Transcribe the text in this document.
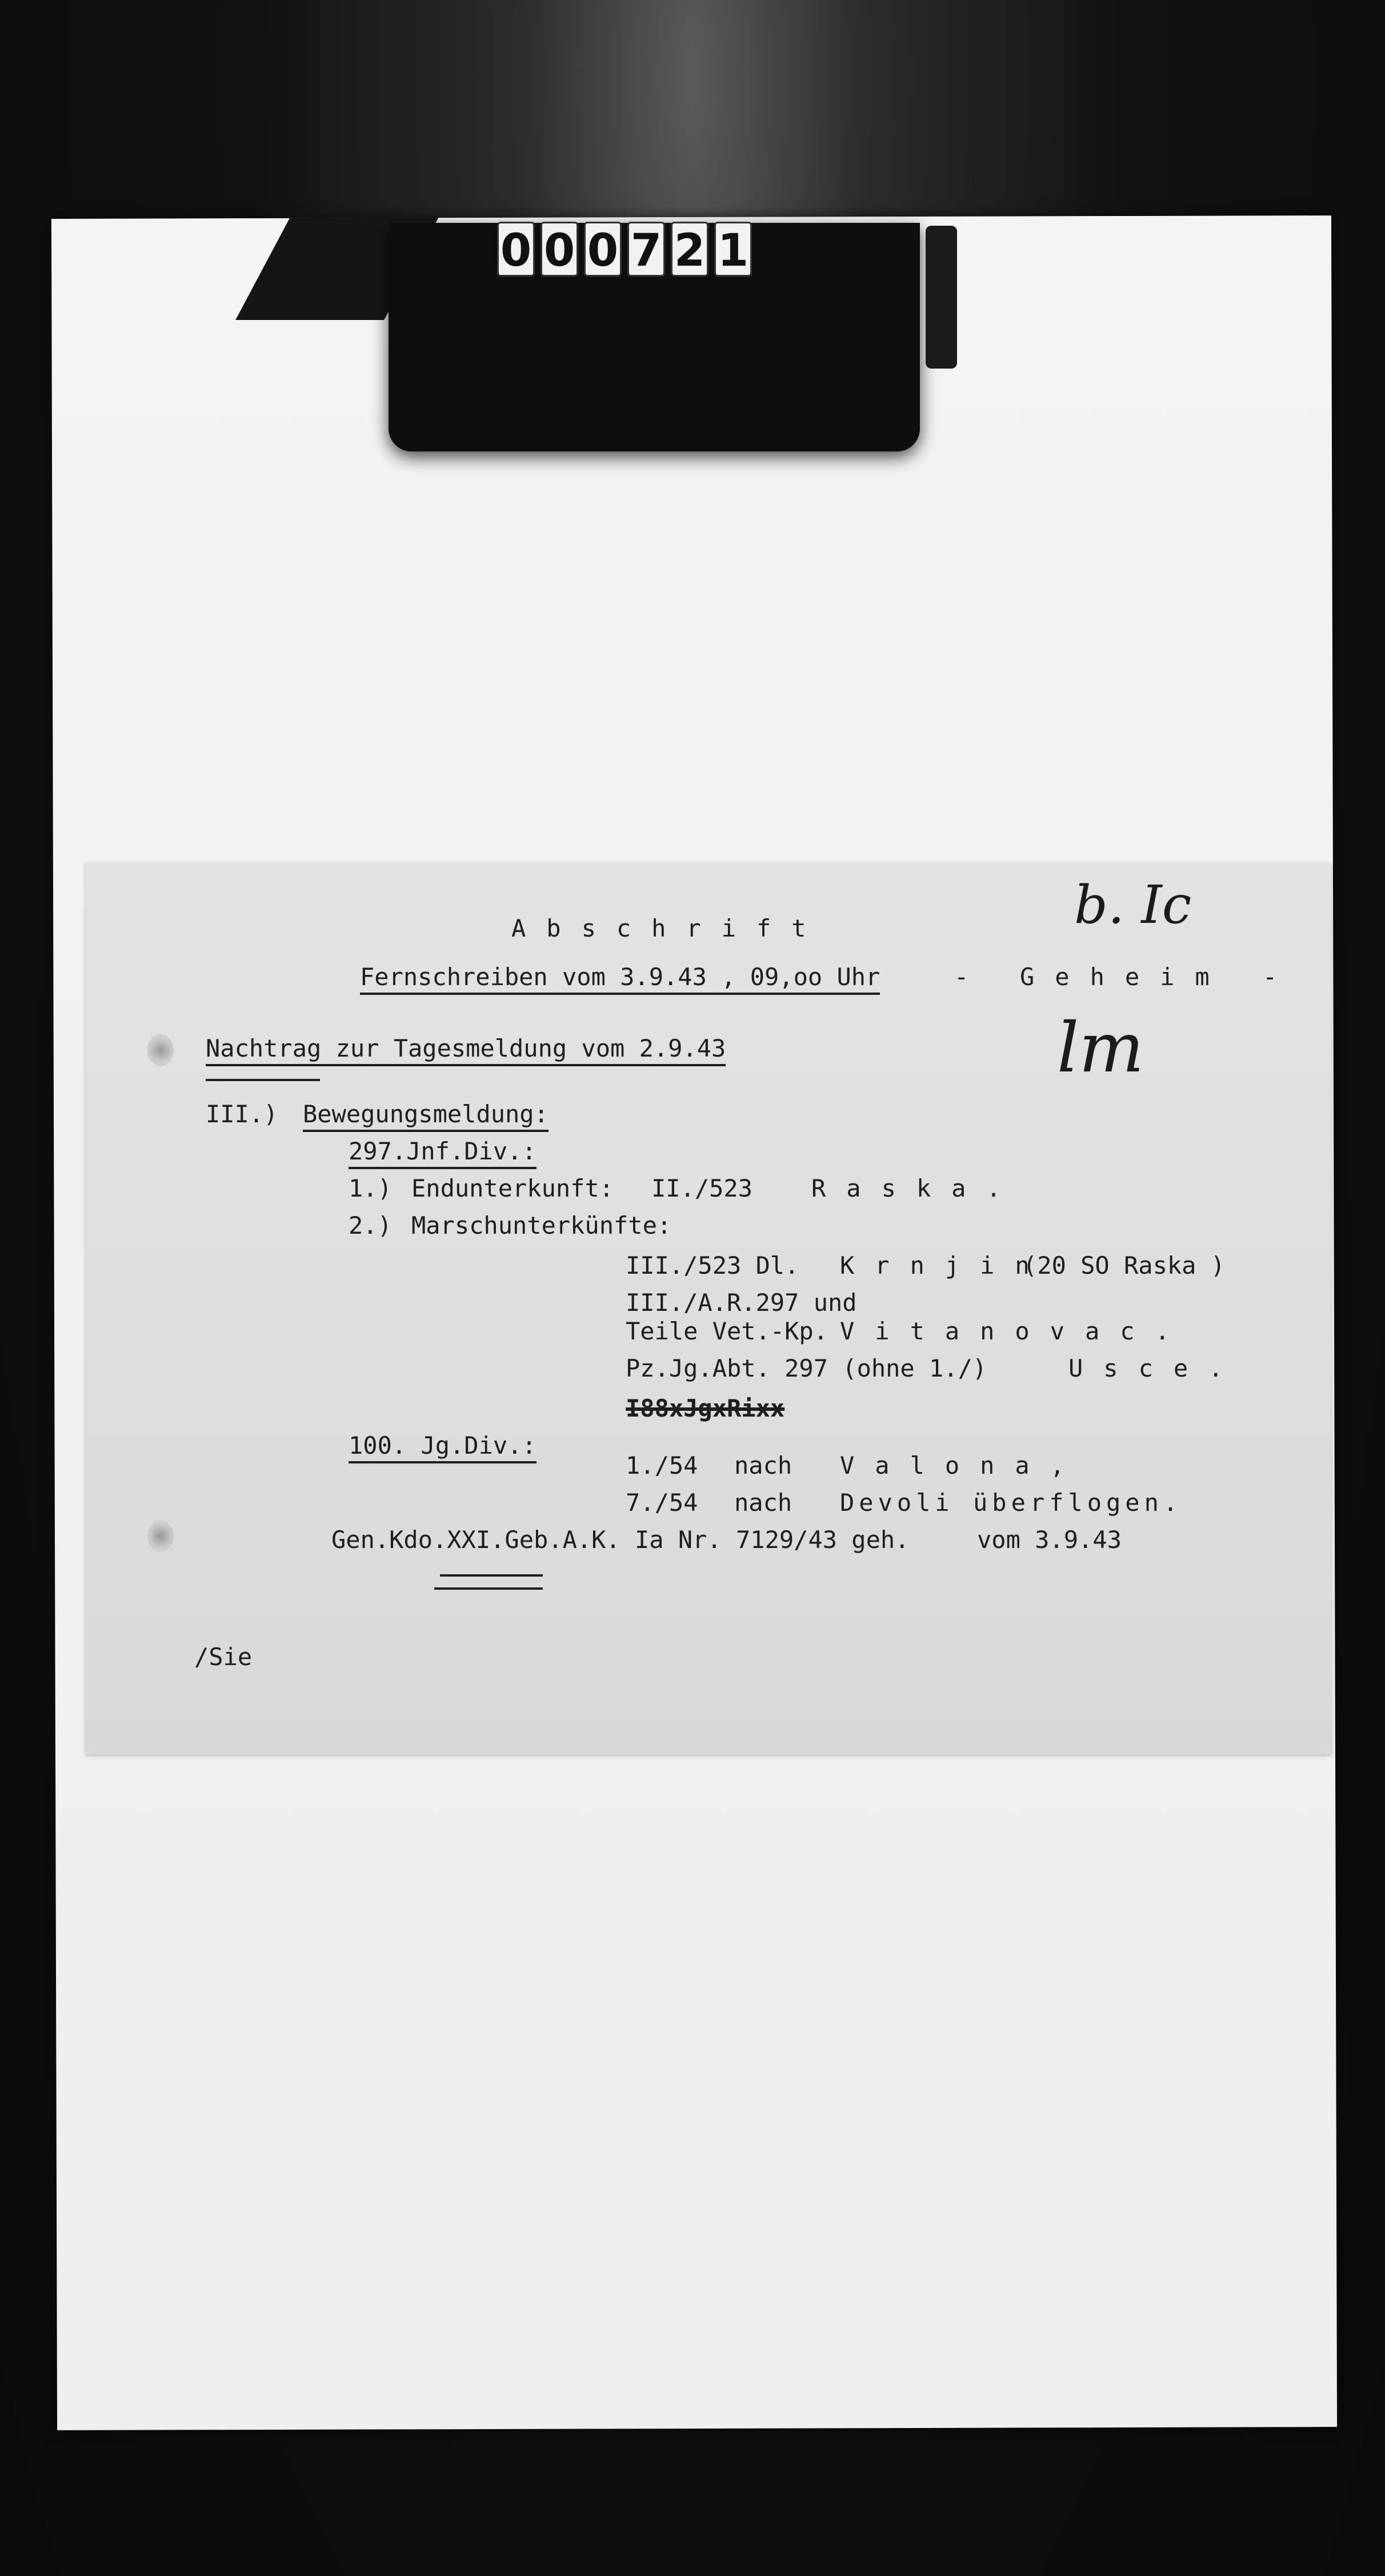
0 0 0 7 2 1
Abschrift	b. Ic
Fernschreiben vom 3.9.43 , 09,oo Uhr	- Geheim -
lm
Nachtrag zur Tagesmeldung vom 2.9.43
III.) Bewegungsmeldung:
297.Jnf.Div.:
1.) Endunterkunft: II./523 Raska.
2.) Marschunterkünfte:
III./523 Dl. Krnjin
(20 SO Raska )
III./A.R.297 und
Teile Vet.-Kp. Vitanovac.
Pz.Jg.Abt. 297 (ohne 1./)	Usce.
I88xJgxRixx
100. Jg.Div.:
1./54 nach Valona,
7./54 nach Devoli überflogen.
Gen.Kdo.XXI.Geb.A.K. Ia Nr. 7129/43 geh.	vom 3.9.43
/Sie
